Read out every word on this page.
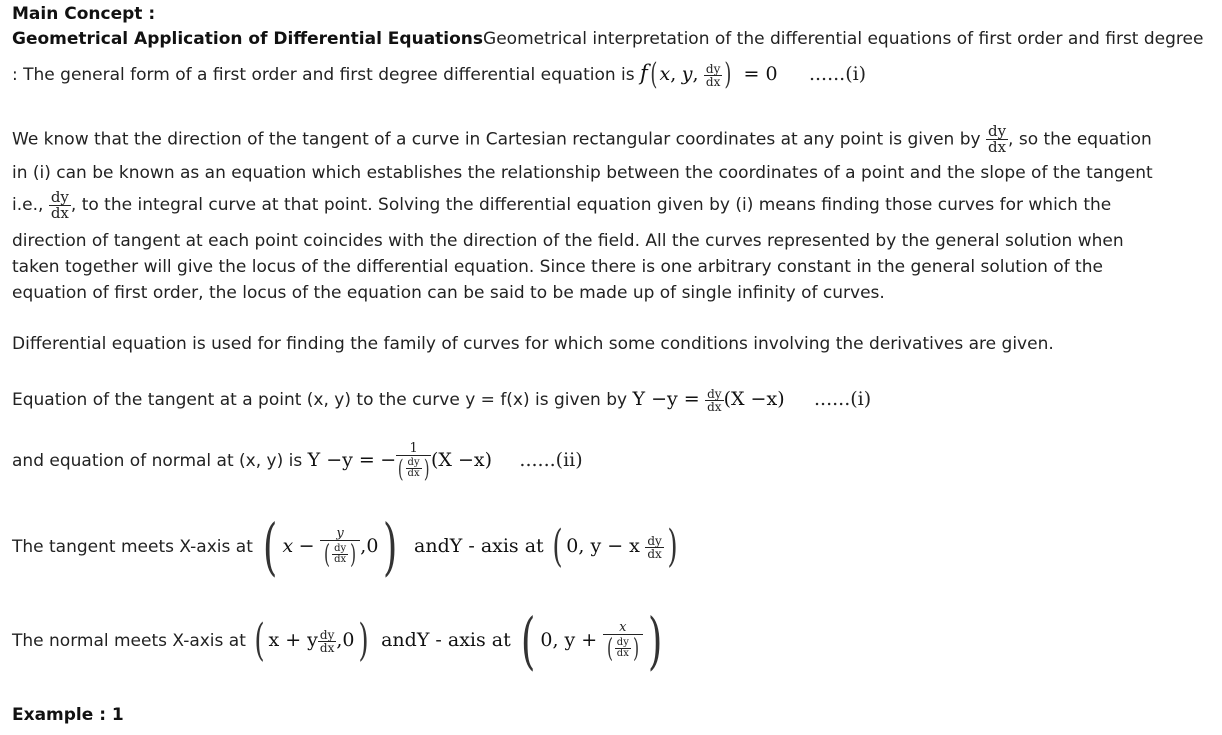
Main Concept :
Geometrical Application of Differential EquationsGeometrical interpretation of the differential equations of first order and first degree
: The general form of a first order and first degree differential equation is f( x, y, $\frac{dy}{dx}$ ) = 0 ......(i)
We know that the direction of the tangent of a curve in Cartesian rectangular coordinates at any point is given by $\frac{dy}{dx}$ , so the equation
in (i) can be known as an equation which establishes the relationship between the coordinates of a point and the slope of the tangent
i.e., $\frac{dy}{dx}$ , to the integral curve at that point. Solving the differential equation given by (i) means finding those curves for which the
direction of tangent at each point coincides with the direction of the field. All the curves represented by the general solution when
taken together will give the locus of the differential equation. Since there is one arbitrary constant in the general solution of the
equation of first order, the locus of the equation can be said to be made up of single infinity of curves.
Differential equation is used for finding the family of curves for which some conditions involving the derivatives are given.
Equation of the tangent at a point (x, y) to the curve y = f(x) is given by $Y -y = \frac{dy}{dx} (X -x)$ ......(i)
and equation of normal at (x, y) is Y −y = − $\frac{1}{( \frac{dy}{dx} )} (X -x)$ ......(ii)
The tangent meets X-axis at ( $x - \frac{y}{( \frac{dy}{dx} )} ,0$) andY - axis at ( 0, y − x $\frac{dy}{dx}$ )
The normal meets X-axis at ( x + y $\frac{dy}{dx} ,0$) andY - axis at ( 0, $y + \frac{x}{( \frac{dy}{dx} )}$ )
Example : 1
